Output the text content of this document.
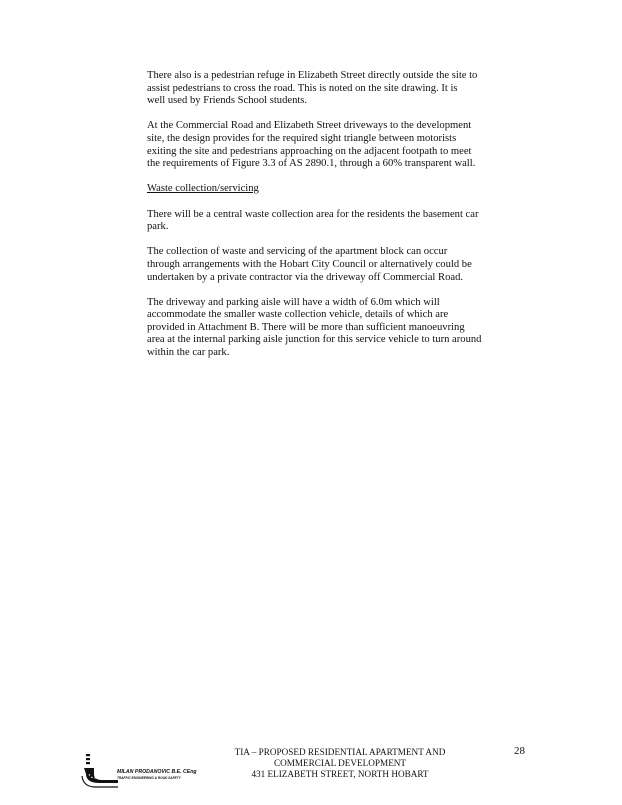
There also is a pedestrian refuge in Elizabeth Street directly outside the site to
assist pedestrians to cross the road. This is noted on the site drawing. It is
well used by Friends School students.

At the Commercial Road and Elizabeth Street driveways to the development
site, the design provides for the required sight triangle between motorists
exiting the site and pedestrians approaching on the adjacent footpath to meet
the requirements of Figure 3.3 of AS 2890.1, through a 60% transparent wall.

Waste collection/servicing

There will be a central waste collection area for the residents the basement car
park.

The collection of waste and servicing of the apartment block can occur
through arrangements with the Hobart City Council or alternatively could be
undertaken by a private contractor via the driveway off Commercial Road.

The driveway and parking aisle will have a width of 6.0m which will
accommodate the smaller waste collection vehicle, details of which are
provided in Attachment B. There will be more than sufficient manoeuvring
area at the internal parking aisle junction for this service vehicle to turn around
within the car park.

MILAN PRODANOVIC B.E. CEng
TRAFFIC ENGINEERING & ROAD SAFETY
TIA – PROPOSED RESIDENTIAL APARTMENT AND
COMMERCIAL DEVELOPMENT
431 ELIZABETH STREET, NORTH HOBART
28
